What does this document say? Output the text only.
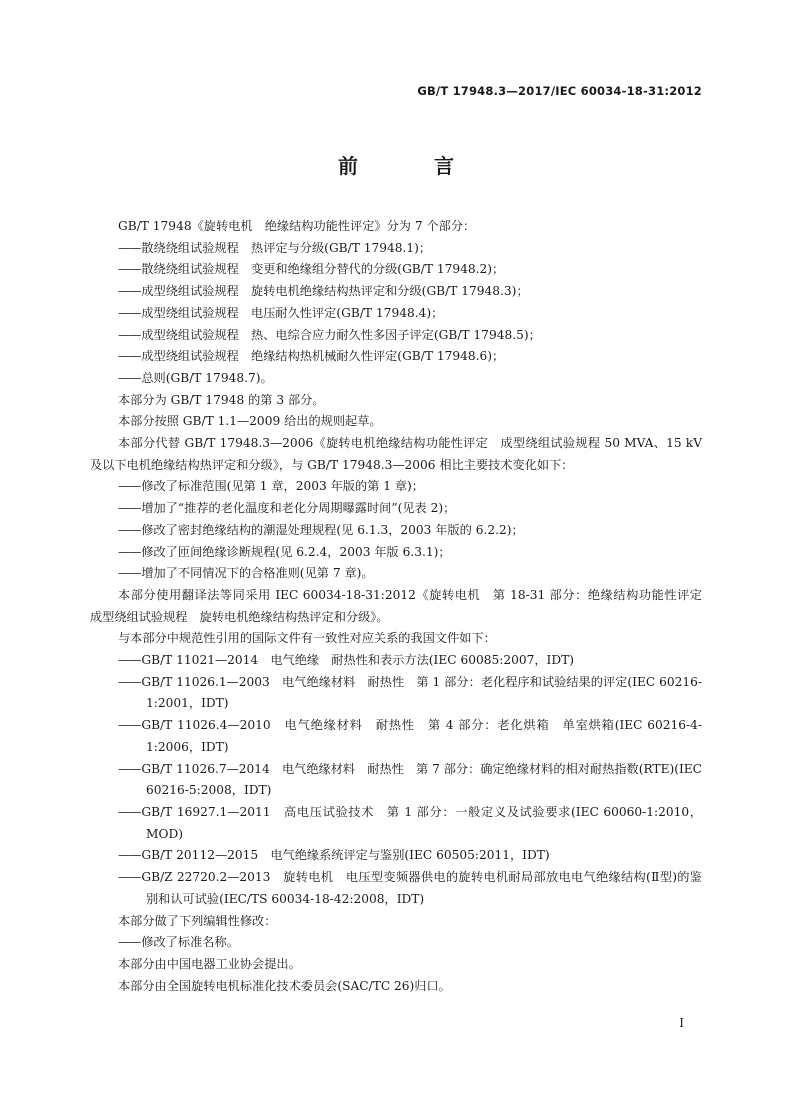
GB/T 17948.3—2017/IEC 60034-18-31:2012
前　言

GB/T 17948《旋转电机　绝缘结构功能性评定》分为 7 个部分：

—— 散绕绕组试验规程　热评定与分级(GB/T 17948.1)；

—— 散绕绕组试验规程　变更和绝缘组分替代的分级(GB/T 17948.2)；

—— 成型绕组试验规程　旋转电机绝缘结构热评定和分级(GB/T 17948.3)；

—— 成型绕组试验规程　电压耐久性评定(GB/T 17948.4)；

—— 成型绕组试验规程　热、电综合应力耐久性多因子评定(GB/T 17948.5)；

—— 成型绕组试验规程　绝缘结构热机械耐久性评定(GB/T 17948.6)；

—— 总则(GB/T 17948.7)。

本部分为 GB/T 17948 的第 3 部分。

本部分按照 GB/T 1.1—2009 给出的规则起草。

本部分代替 GB/T 17948.3—2006《旋转电机绝缘结构功能性评定　成型绕组试验规程 50 MVA、15 kV 及以下电机绝缘结构热评定和分级》，与 GB/T 17948.3—2006 相比主要技术变化如下：

—— 修改了标准范围(见第 1 章，2003 年版的第 1 章)；

—— 增加了“推荐的老化温度和老化分周期曝露时间”(见表 2)；

—— 修改了密封绝缘结构的潮湿处理规程(见 6.1.3，2003 年版的 6.2.2)；

—— 修改了匝间绝缘诊断规程(见 6.2.4，2003 年版 6.3.1)；

—— 增加了不同情况下的合格准则(见第 7 章)。

本部分使用翻译法等同采用 IEC 60034-18-31:2012《旋转电机　第 18-31 部分：绝缘结构功能性评定　成型绕组试验规程　旋转电机绝缘结构热评定和分级》。

与本部分中规范性引用的国际文件有一致性对应关系的我国文件如下：

—— GB/T 11021—2014　电气绝缘　耐热性和表示方法(IEC 60085:2007，IDT)

—— GB/T 11026.1—2003　电气绝缘材料　耐热性　第 1 部分：老化程序和试验结果的评定(IEC 60216-1:2001，IDT)

—— GB/T 11026.4—2010　电气绝缘材料　耐热性　第 4 部分：老化烘箱　单室烘箱(IEC 60216-4-1:2006，IDT)

—— GB/T 11026.7—2014　电气绝缘材料　耐热性　第 7 部分：确定绝缘材料的相对耐热指数(RTE)(IEC 60216-5:2008，IDT)

—— GB/T 16927.1—2011　高电压试验技术　第 1 部分：一般定义及试验要求(IEC 60060-1:2010，MOD)

—— GB/T 20112—2015　电气绝缘系统评定与鉴别(IEC 60505:2011，IDT)

—— GB/Z 22720.2—2013　旋转电机　电压型变频器供电的旋转电机耐局部放电电气绝缘结构(Ⅱ型)的鉴别和认可试验(IEC/TS 60034-18-42:2008，IDT)

本部分做了下列编辑性修改：

—— 修改了标准名称。

本部分由中国电器工业协会提出。

本部分由全国旋转电机标准化技术委员会(SAC/TC 26)归口。

I
